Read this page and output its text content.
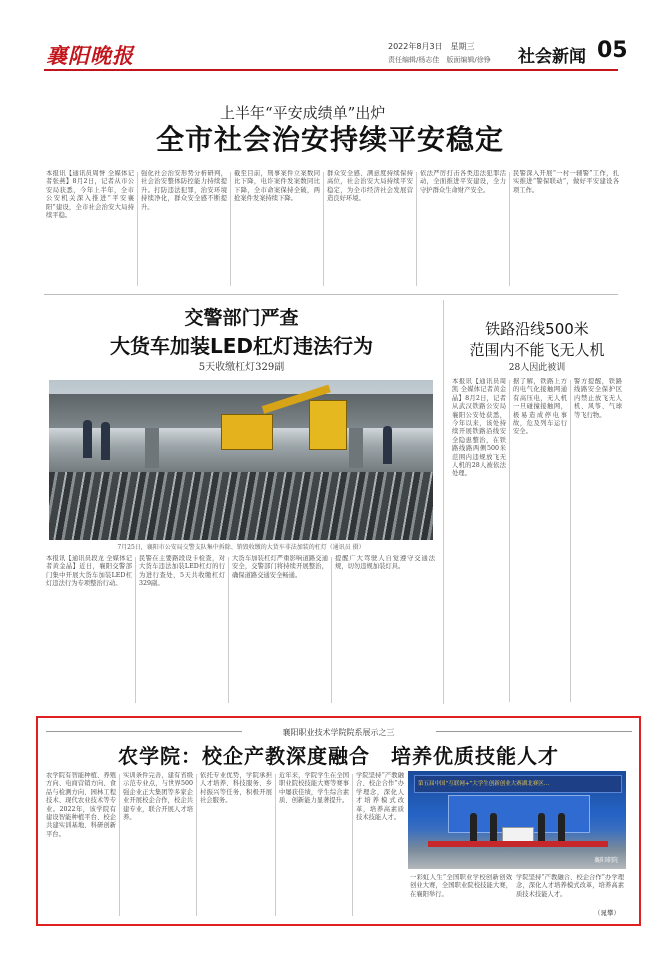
襄阳晚报	2022年8月3日　星期三
责任编辑/杨志佳　版面编辑/徐铮 社会新闻 05
上半年“平安成绩单”出炉
全市社会治安持续平安稳定
本报讯【通讯员周誉 全媒体记者张燕】8月2日，记者从市公安局获悉，今年上半年，全市公安机关深入推进“平安襄阳”建设，全市社会治安大局持续平稳。
强化社会治安形势分析研判，社会治安整体防控能力持续提升。打防违法犯罪，治安环境持续净化，群众安全感不断提升。
截至目前，刑事案件立案数同比下降，电诈案件发案数同比下降，全市命案保持全破，两抢案件发案持续下降。
群众安全感、满意度持续保持高位，社会治安大局持续平安稳定，为全市经济社会发展营造良好环境。
依法严厉打击各类违法犯罪活动，全面推进平安建设，全力守护群众生命财产安全。
民警深入开展“一村一辅警”工作，扎实推进“警保联动”，做好平安建设各项工作。
交警部门严查
大货车加装LED杠灯违法行为
5天收缴杠灯329副
7月25日，襄阳市公安局交警支队集中拆除、销毁收缴的大货车非法加装的杠灯（通讯员 摄）
本报讯【通讯员段龙 全媒体记者黄金晶】近日，襄阳交警部门集中开展大货车加装LED杠灯违法行为专项整治行动。
民警在主要路段设卡检查，对大货车违法加装LED杠灯的行为进行查处，5天共收缴杠灯329副。
大货车加装杠灯严重影响道路交通安全，交警部门将持续开展整治，确保道路交通安全畅通。
提醒广大驾驶人自觉遵守交通法规，切勿违规加装灯具。
铁路沿线500米
范围内不能飞无人机
28人因此被训
本报讯【通讯员周凯 全媒体记者黄金晶】8月2日，记者从武汉铁路公安局襄阳公安处获悉，今年以来，该处持续开展铁路沿线安全隐患整治，在铁路线路两侧500米范围内违规放飞无人机的28人被依法处理。
据了解，铁路上方的电气化接触网通有高压电，无人机一旦碰撞接触网，极易造成停电事故，危及列车运行安全。
警方提醒，铁路线路安全保护区内禁止放飞无人机、风筝、气球等飞行物。
襄阳职业技术学院院系展示之三
农学院：校企产教深度融合　培养优质技能人才
农学院有智能种植、养殖方向、电商营销方向、食品与检测方向、园林工程技术、现代农业技术等专业。2022年，该学院有建设智能种植平台、校企共建实训基地、科研创新平台。
实训条件完善，建有省级示范专业点，与世界500强企业正大集团等多家企业开展校企合作，校企共建专业，联合开展人才培养。
依托专业优势，学院承担人才培养、科技服务、乡村振兴等任务，积极开展社会服务。
近年来，学院学生在全国职业院校技能大赛等赛事中屡获佳绩，学生综合素质、创新能力显著提升。
学院坚持“产教融合、校企合作”办学理念，深化人才培养模式改革，培养高素质技术技能人才。
第五届中国“互联网+”大学生创新创业大赛湖北赛区…
襄阳职院
一彩虹人生”全国职业学校创新创效创业大赛，全国职业院校技能大赛，在襄阳举行。
学院坚持“产教融合、校企合作”办学理念，深化人才培养模式改革，培养高素质技术技能人才。
（晁攀）
